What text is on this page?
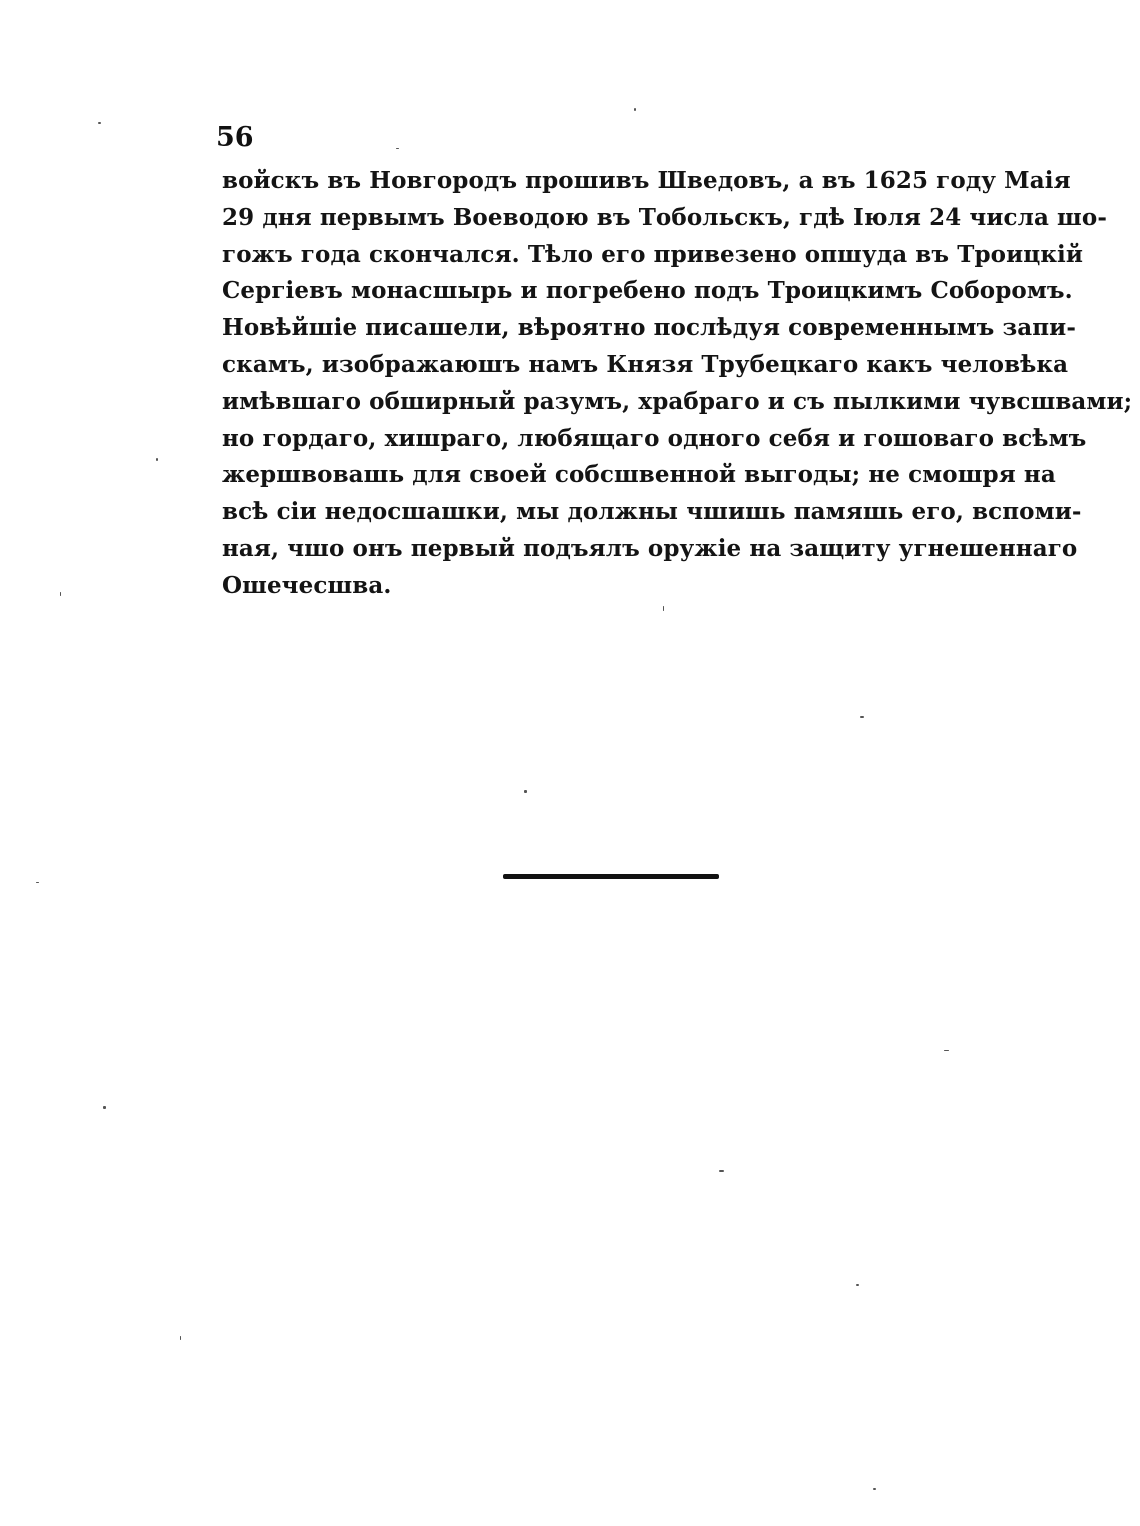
56
войскъ въ Новгородъ прошивъ Шведовъ, а въ 1625 году Маія
29 дня первымъ Воеводою въ Тобольскъ, гдѣ Іюля 24 числа шо-
гожъ года скончался. Тѣло его привезено опшуда въ Троицкій
Сергіевъ монасшырь и погребено подъ Троицкимъ Соборомъ.
Новѣйшіе писашели, вѣроятно послѣдуя современнымъ запи-
скамъ, изображаюшъ намъ Князя Трубецкаго какъ человѣка
имѣвшаго обширный разумъ, храбраго и съ пылкими чувсшвами;
но гордаго, хишраго, любящаго одного себя и гошоваго всѣмъ
жершвовашь для своей собсшвенной выгоды; не смошря на
всѣ сіи недосшашки, мы должны чшишь памяшь его, вспоми-
ная, чшо онъ первый подъялъ оружіе на защиту угнешеннаго
Ошечесшва.
